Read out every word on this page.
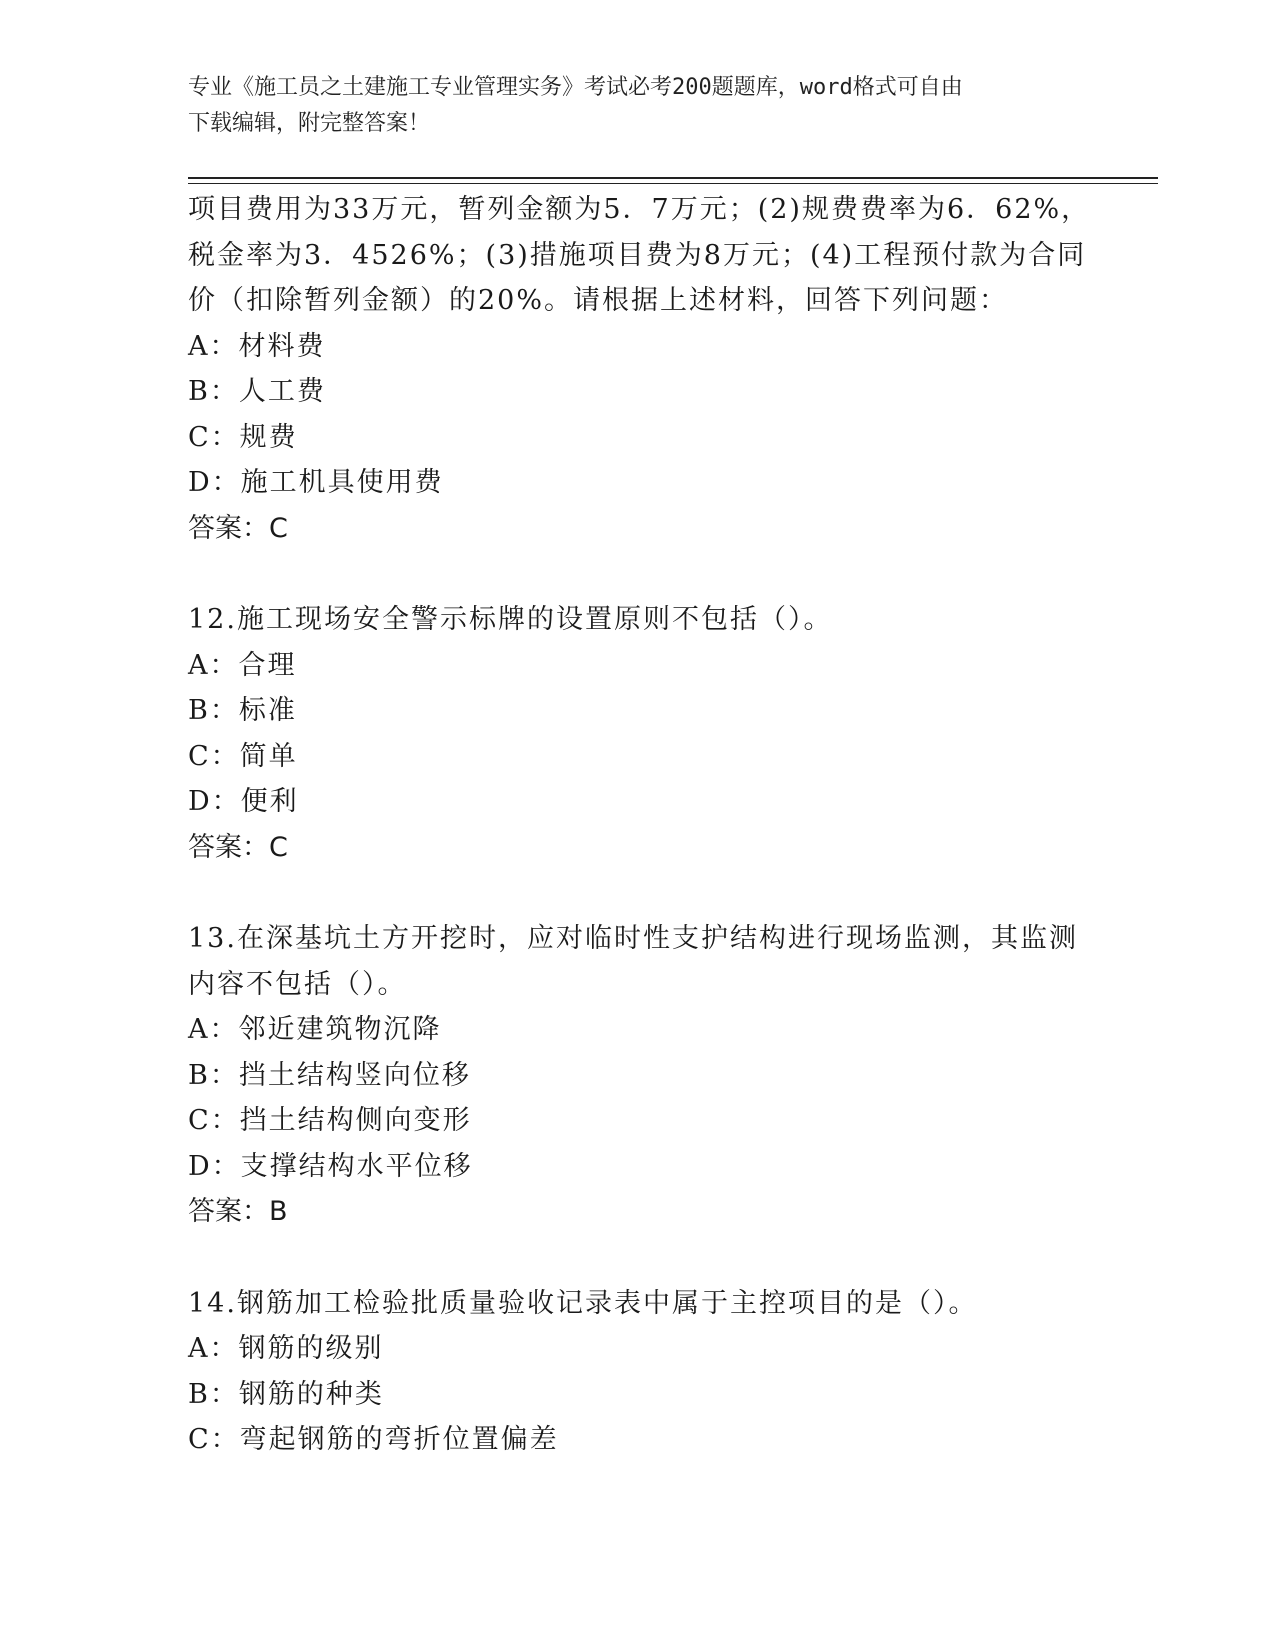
专业《施工员之土建施工专业管理实务》考试必考200题题库，word格式可自由
下载编辑，附完整答案！
项目费用为33万元，暂列金额为5．7万元；(2)规费费率为6．62%，
税金率为3．4526%；(3)措施项目费为8万元；(4)工程预付款为合同
价（扣除暂列金额）的20%。请根据上述材料，回答下列问题：
A：材料费
B：人工费
C：规费
D：施工机具使用费
答案：C
12.施工现场安全警示标牌的设置原则不包括（）。
A：合理
B：标准
C：简单
D：便利
答案：C
13.在深基坑土方开挖时，应对临时性支护结构进行现场监测，其监测
内容不包括（）。
A：邻近建筑物沉降
B：挡土结构竖向位移
C：挡土结构侧向变形
D：支撑结构水平位移
答案：B
14.钢筋加工检验批质量验收记录表中属于主控项目的是（）。
A：钢筋的级别
B：钢筋的种类
C：弯起钢筋的弯折位置偏差
